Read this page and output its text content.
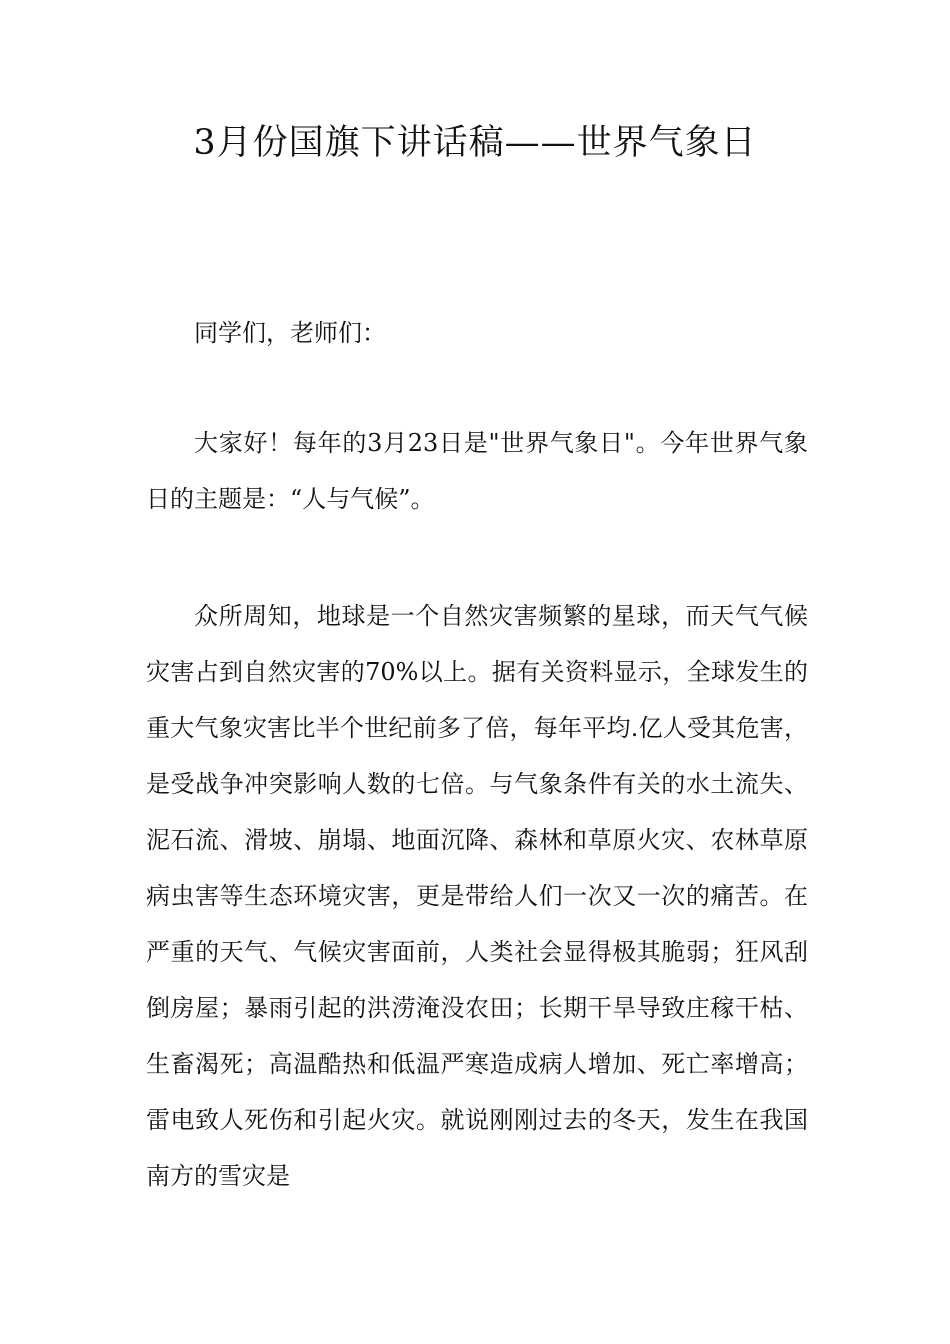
3月份国旗下讲话稿——世界气象日

同学们，老师们：

大家好！每年的3月23日是"世界气象日"。今年世界气象日的主题是：“人与气候”。

众所周知，地球是一个自然灾害频繁的星球，而天气气候灾害占到自然灾害的70%以上。据有关资料显示，全球发生的重大气象灾害比半个世纪前多了倍，每年平均.亿人受其危害，是受战争冲突影响人数的七倍。与气象条件有关的水土流失、泥石流、滑坡、崩塌、地面沉降、森林和草原火灾、农林草原病虫害等生态环境灾害，更是带给人们一次又一次的痛苦。在严重的天气、气候灾害面前，人类社会显得极其脆弱；狂风刮倒房屋；暴雨引起的洪涝淹没农田；长期干旱导致庄稼干枯、生畜渴死；高温酷热和低温严寒造成病人增加、死亡率增高；雷电致人死伤和引起火灾。就说刚刚过去的冬天，发生在我国南方的雪灾是
